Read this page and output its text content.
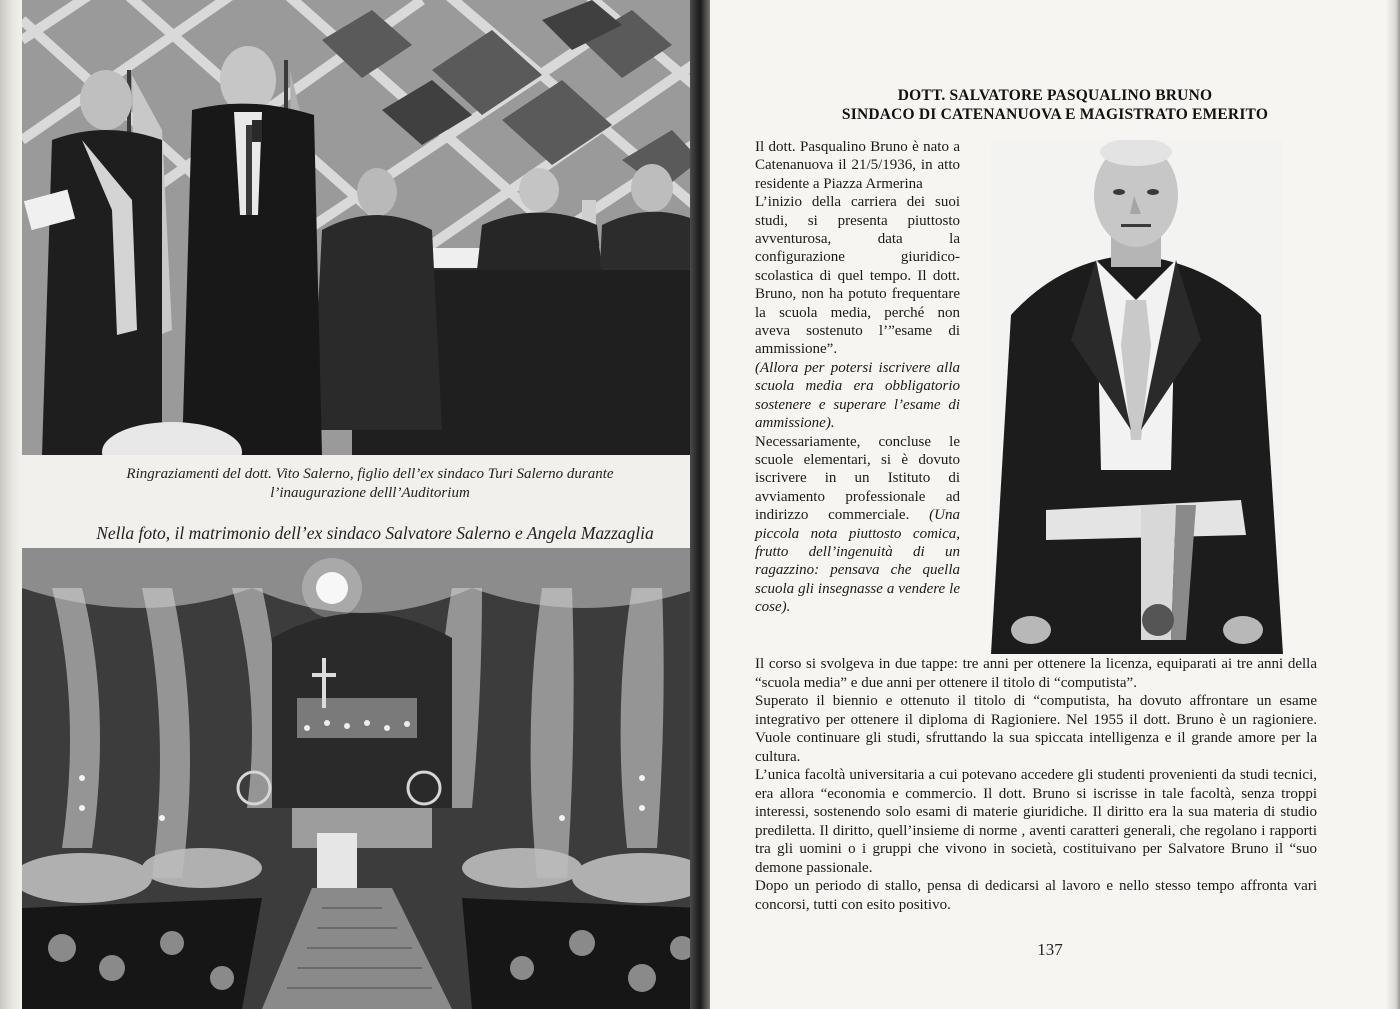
Ringraziamenti del dott. Vito Salerno, figlio dell’ex sindaco Turi Salerno durante l’inaugurazione delll’Auditorium
Nella foto, il matrimonio dell’ex sindaco Salvatore Salerno e Angela Mazzaglia
DOTT. SALVATORE PASQUALINO BRUNO
SINDACO DI CATENANUOVA E MAGISTRATO EMERITO

Il dott. Pasqualino Bruno è nato a Catenanuova il 21/5/1936, in atto residente a Piazza Armerina

L’inizio della carriera dei suoi studi, si presenta piuttosto avventurosa, data la configurazione giuridico-scolastica di quel tempo. Il dott. Bruno, non ha potuto frequentare la scuola media, perché non aveva sostenuto l’”esame di ammissione”.

(Allora per potersi iscrivere alla scuola media era obbligatorio sostenere e superare l’esame di ammissione).

Necessariamente, concluse le scuole elementari, si è dovuto iscrivere in un Istituto di avviamento professionale ad indirizzo commerciale. (Una piccola nota piuttosto comica, frutto dell’ingenuità di un ragazzino: pensava che quella scuola gli insegnasse a vendere le cose).

Il corso si svolgeva in due tappe: tre anni per ottenere la licenza, equiparati ai tre anni della “scuola media” e due anni per ottenere il titolo di “computista”.

Superato il biennio e ottenuto il titolo di “computista, ha dovuto affrontare un esame integrativo per ottenere il diploma di Ragioniere. Nel 1955 il dott. Bruno è un ragioniere. Vuole continuare gli studi, sfruttando la sua spiccata intelligenza e il grande amore per la cultura.

L’unica facoltà universitaria a cui potevano accedere gli studenti provenienti da studi tecnici, era allora “economia e commercio. Il dott. Bruno si iscrisse in tale facoltà, senza troppi interessi, sostenendo solo esami di materie giuridiche. Il diritto era la sua materia di studio prediletta. Il diritto, quell’insieme di norme , aventi caratteri generali, che regolano i rapporti tra gli uomini o i gruppi che vivono in società, costituivano per Salvatore Bruno il “suo demone passionale.

Dopo un periodo di stallo, pensa di dedicarsi al lavoro e nello stesso tempo affronta vari concorsi, tutti con esito positivo.

137
